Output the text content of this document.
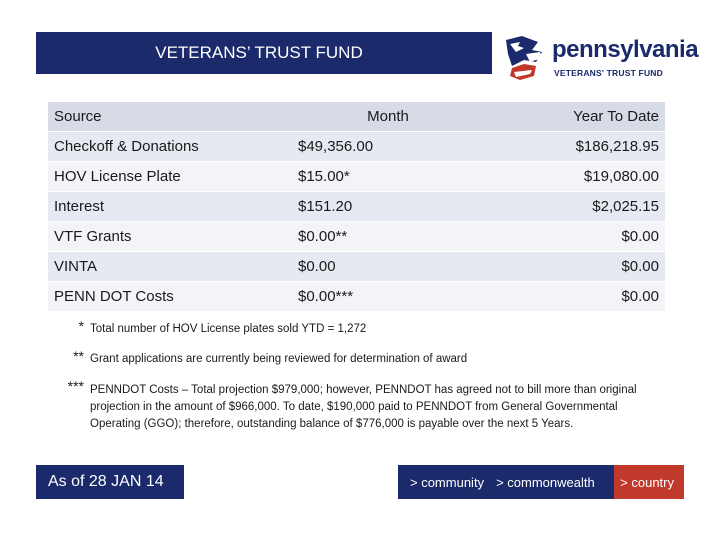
VETERANS’ TRUST FUND	pennsylvania
VETERANS' TRUST FUND
Source	Month	Year To Date
Checkoff & Donations	$49,356.00	$186,218.95
HOV License Plate	$15.00*	$19,080.00
Interest	$151.20	$2,025.15
VTF Grants	$0.00**	$0.00
VINTA	$0.00	$0.00
PENN DOT Costs	$0.00***	$0.00
* Total number of HOV License plates sold YTD = 1,272
** Grant applications are currently being reviewed for determination of award
*** PENNDOT Costs – Total projection $979,000; however, PENNDOT has agreed not to bill more than original projection in the amount of $966,000. To date, $190,000 paid to PENNDOT from General Governmental Operating (GGO); therefore, outstanding balance of $776,000 is payable over the next 5 Years.
As of 28 JAN 14	> community > commonwealth	> country
